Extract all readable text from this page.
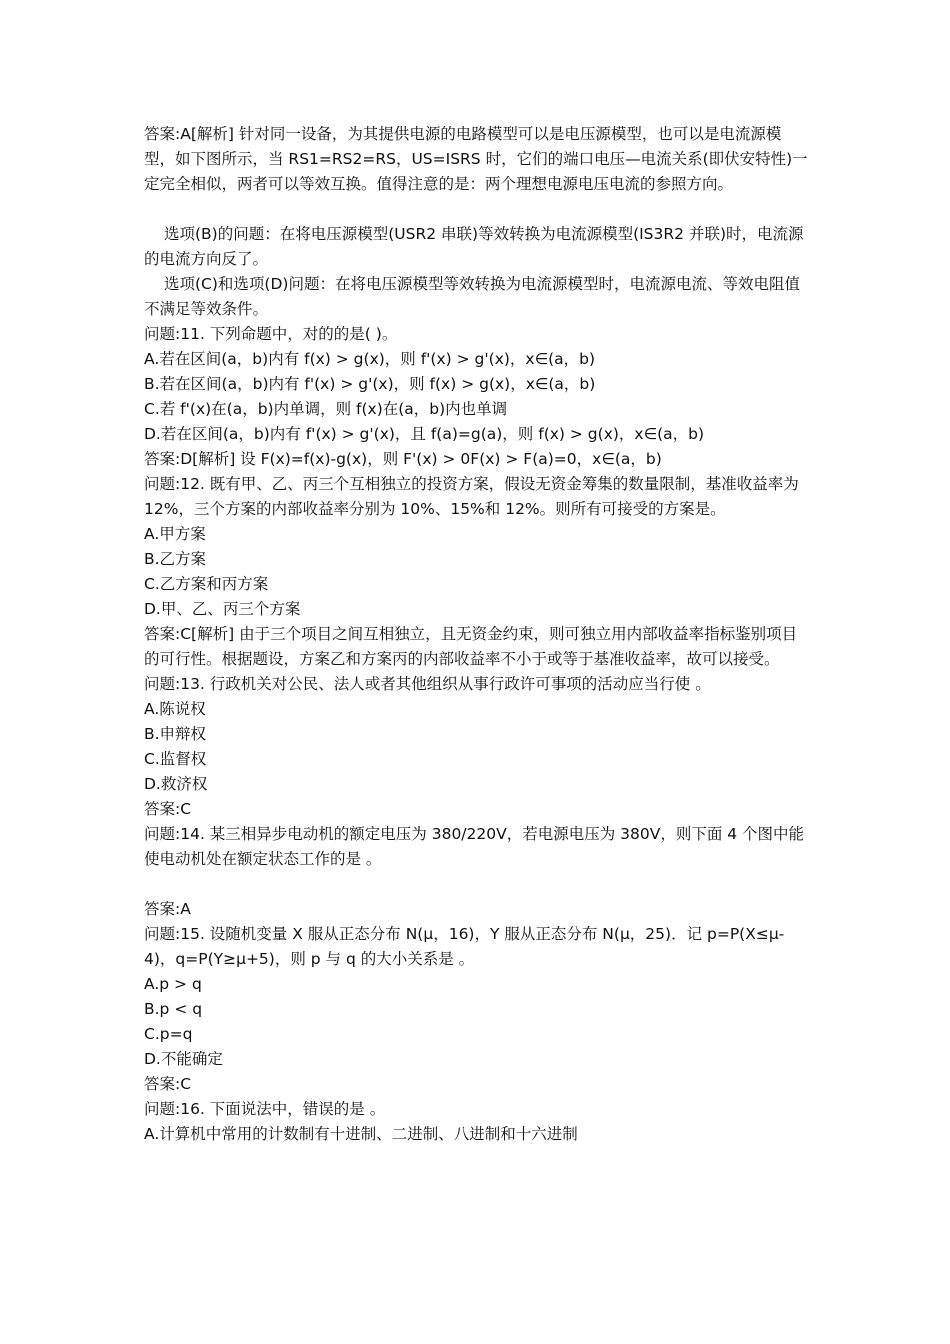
答案:A[解析] 针对同一设备，为其提供电源的电路模型可以是电压源模型，也可以是电流源模型，如下图所示，当 RS1=RS2=RS，US=ISRS 时，它们的端口电压—电流关系(即伏安特性)一定完全相似，两者可以等效互换。值得注意的是：两个理想电源电压电流的参照方向。

选项(B)的问题：在将电压源模型(USR2 串联)等效转换为电流源模型(IS3R2 并联)时，电流源的电流方向反了。

选项(C)和选项(D)问题：在将电压源模型等效转换为电流源模型时，电流源电流、等效电阻值不满足等效条件。

问题:11. 下列命题中，对的的是( )。

A.若在区间(a，b)内有 f(x) > g(x)，则 f'(x) > g'(x)，x∈(a，b)

B.若在区间(a，b)内有 f'(x) > g'(x)，则 f(x) > g(x)，x∈(a，b)

C.若 f'(x)在(a，b)内单调，则 f(x)在(a，b)内也单调

D.若在区间(a，b)内有 f'(x) > g'(x)，且 f(a)=g(a)，则 f(x) > g(x)，x∈(a，b)

答案:D[解析] 设 F(x)=f(x)-g(x)，则 F'(x) > 0F(x) > F(a)=0，x∈(a，b)

问题:12. 既有甲、乙、丙三个互相独立的投资方案，假设无资金筹集的数量限制，基准收益率为 12%，三个方案的内部收益率分别为 10%、15%和 12%。则所有可接受的方案是。

A.甲方案

B.乙方案

C.乙方案和丙方案

D.甲、乙、丙三个方案

答案:C[解析] 由于三个项目之间互相独立，且无资金约束，则可独立用内部收益率指标鉴别项目的可行性。根据题设，方案乙和方案丙的内部收益率不小于或等于基准收益率，故可以接受。

问题:13. 行政机关对公民、法人或者其他组织从事行政许可事项的活动应当行使 。

A.陈说权

B.申辩权

C.监督权

D.救济权

答案:C

问题:14. 某三相异步电动机的额定电压为 380/220V，若电源电压为 380V，则下面 4 个图中能使电动机处在额定状态工作的是 。

答案:A

问题:15. 设随机变量 X 服从正态分布 N(μ，16)，Y 服从正态分布 N(μ，25)．记 p=P(X≤μ-4)，q=P(Y≥μ+5)，则 p 与 q 的大小关系是 。

A.p > q

B.p < q

C.p=q

D.不能确定

答案:C

问题:16. 下面说法中，错误的是 。

A.计算机中常用的计数制有十进制、二进制、八进制和十六进制
